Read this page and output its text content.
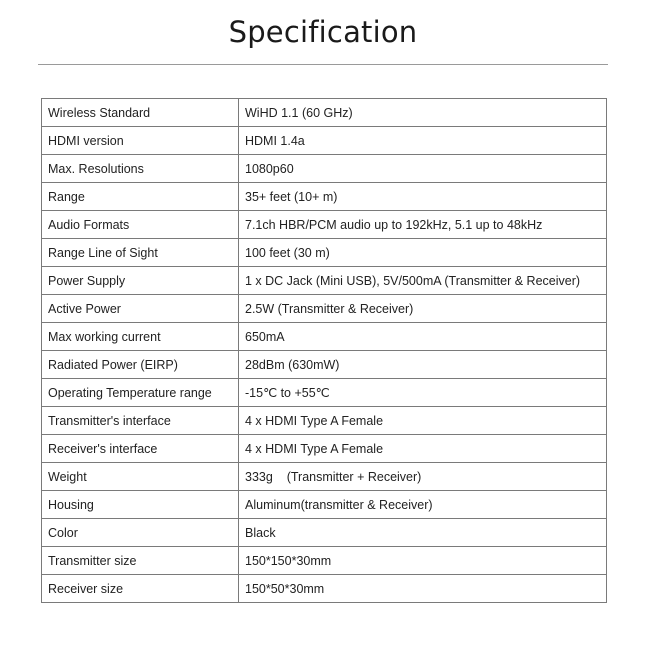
Specification
Wireless Standard	WiHD 1.1 (60 GHz)
HDMI version	HDMI 1.4a
Max. Resolutions	1080p60
Range	35+ feet (10+ m)
Audio Formats	7.1ch HBR/PCM audio up to 192kHz, 5.1 up to 48kHz
Range Line of Sight	100 feet (30 m)
Power Supply	1 x DC Jack (Mini USB), 5V/500mA (Transmitter & Receiver)
Active Power	2.5W (Transmitter & Receiver)
Max working current	650mA
Radiated Power (EIRP)	28dBm (630mW)
Operating Temperature range	-15℃ to +55℃
Transmitter's interface	4 x HDMI Type A Female
Receiver's interface	4 x HDMI Type A Female
Weight	333g    (Transmitter + Receiver)
Housing	Aluminum(transmitter & Receiver)
Color	Black
Transmitter size	150*150*30mm
Receiver size	150*50*30mm
